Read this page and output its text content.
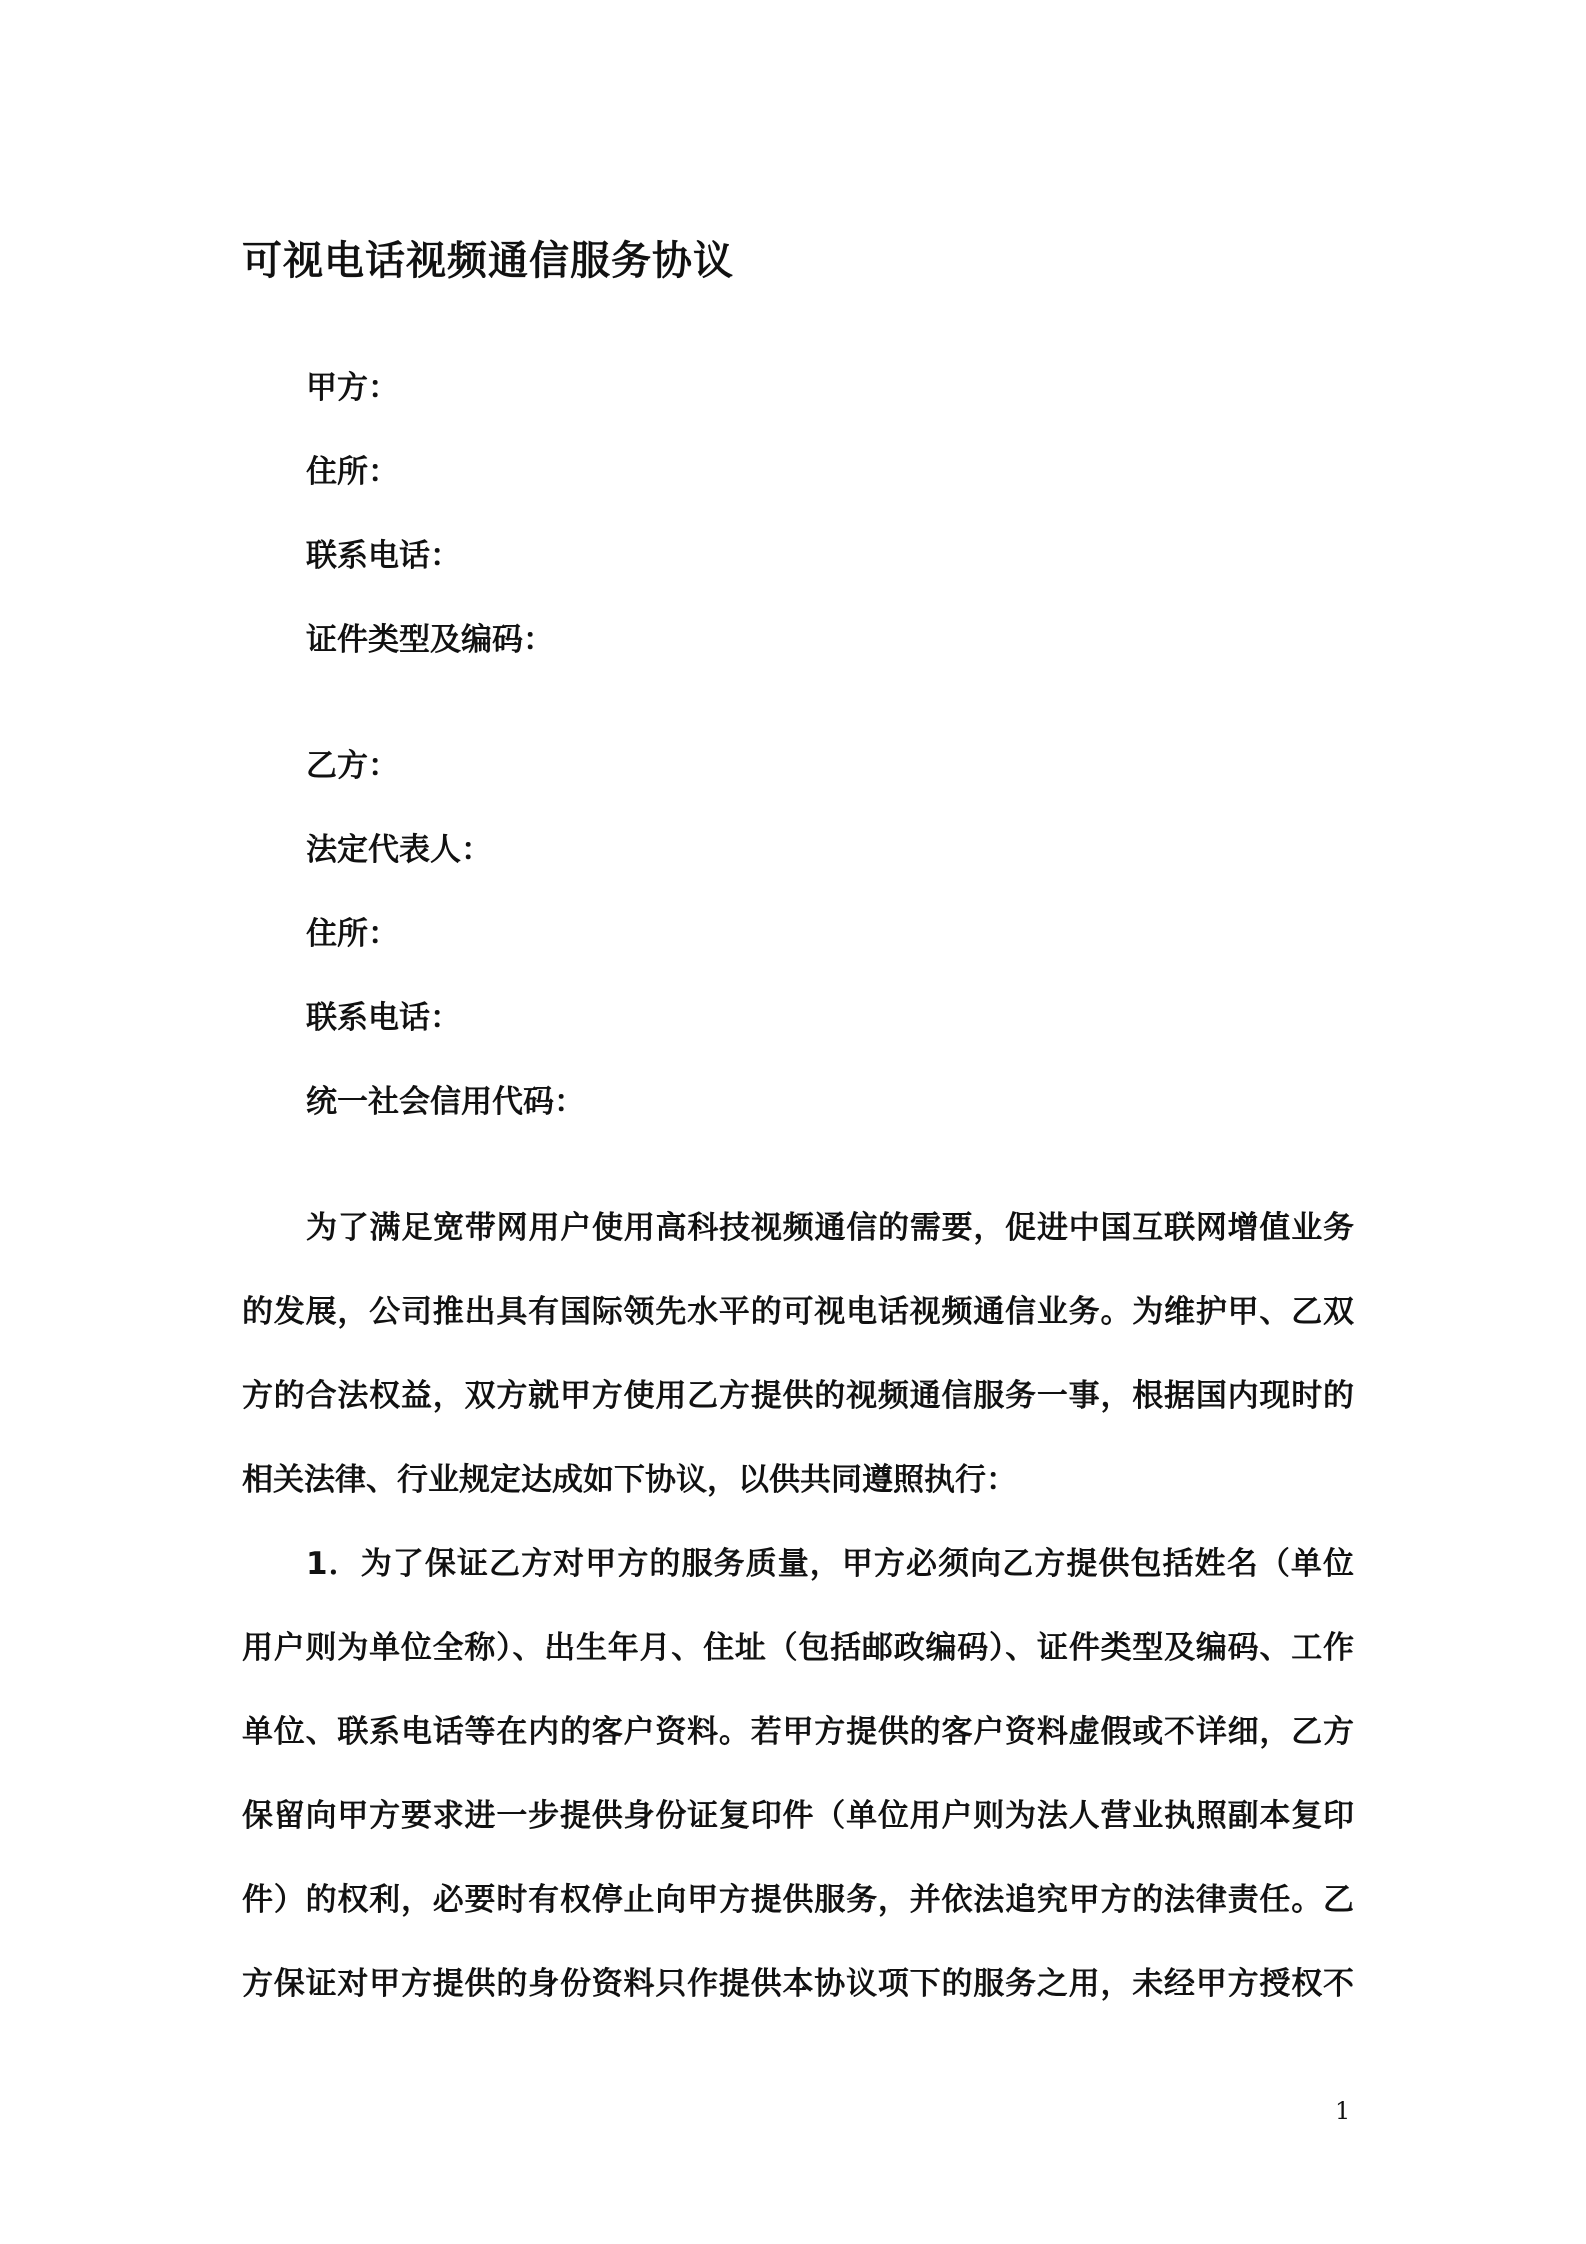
可视电话视频通信服务协议
甲方：
住所：
联系电话：
证件类型及编码：
乙方：
法定代表人：
住所：
联系电话：
统一社会信用代码：
为了满足宽带网用户使用高科技视频通信的需要，促进中国互联网增值业务
的发展，公司推出具有国际领先水平的可视电话视频通信业务。为维护甲、乙双
方的合法权益，双方就甲方使用乙方提供的视频通信服务一事，根据国内现时的
相关法律、行业规定达成如下协议，以供共同遵照执行：
1．为了保证乙方对甲方的服务质量，甲方必须向乙方提供包括姓名（单位
用户则为单位全称）、出生年月、住址（包括邮政编码）、证件类型及编码、工作
单位、联系电话等在内的客户资料。若甲方提供的客户资料虚假或不详细，乙方
保留向甲方要求进一步提供身份证复印件（单位用户则为法人营业执照副本复印
件）的权利，必要时有权停止向甲方提供服务，并依法追究甲方的法律责任。乙
方保证对甲方提供的身份资料只作提供本协议项下的服务之用，未经甲方授权不
1
